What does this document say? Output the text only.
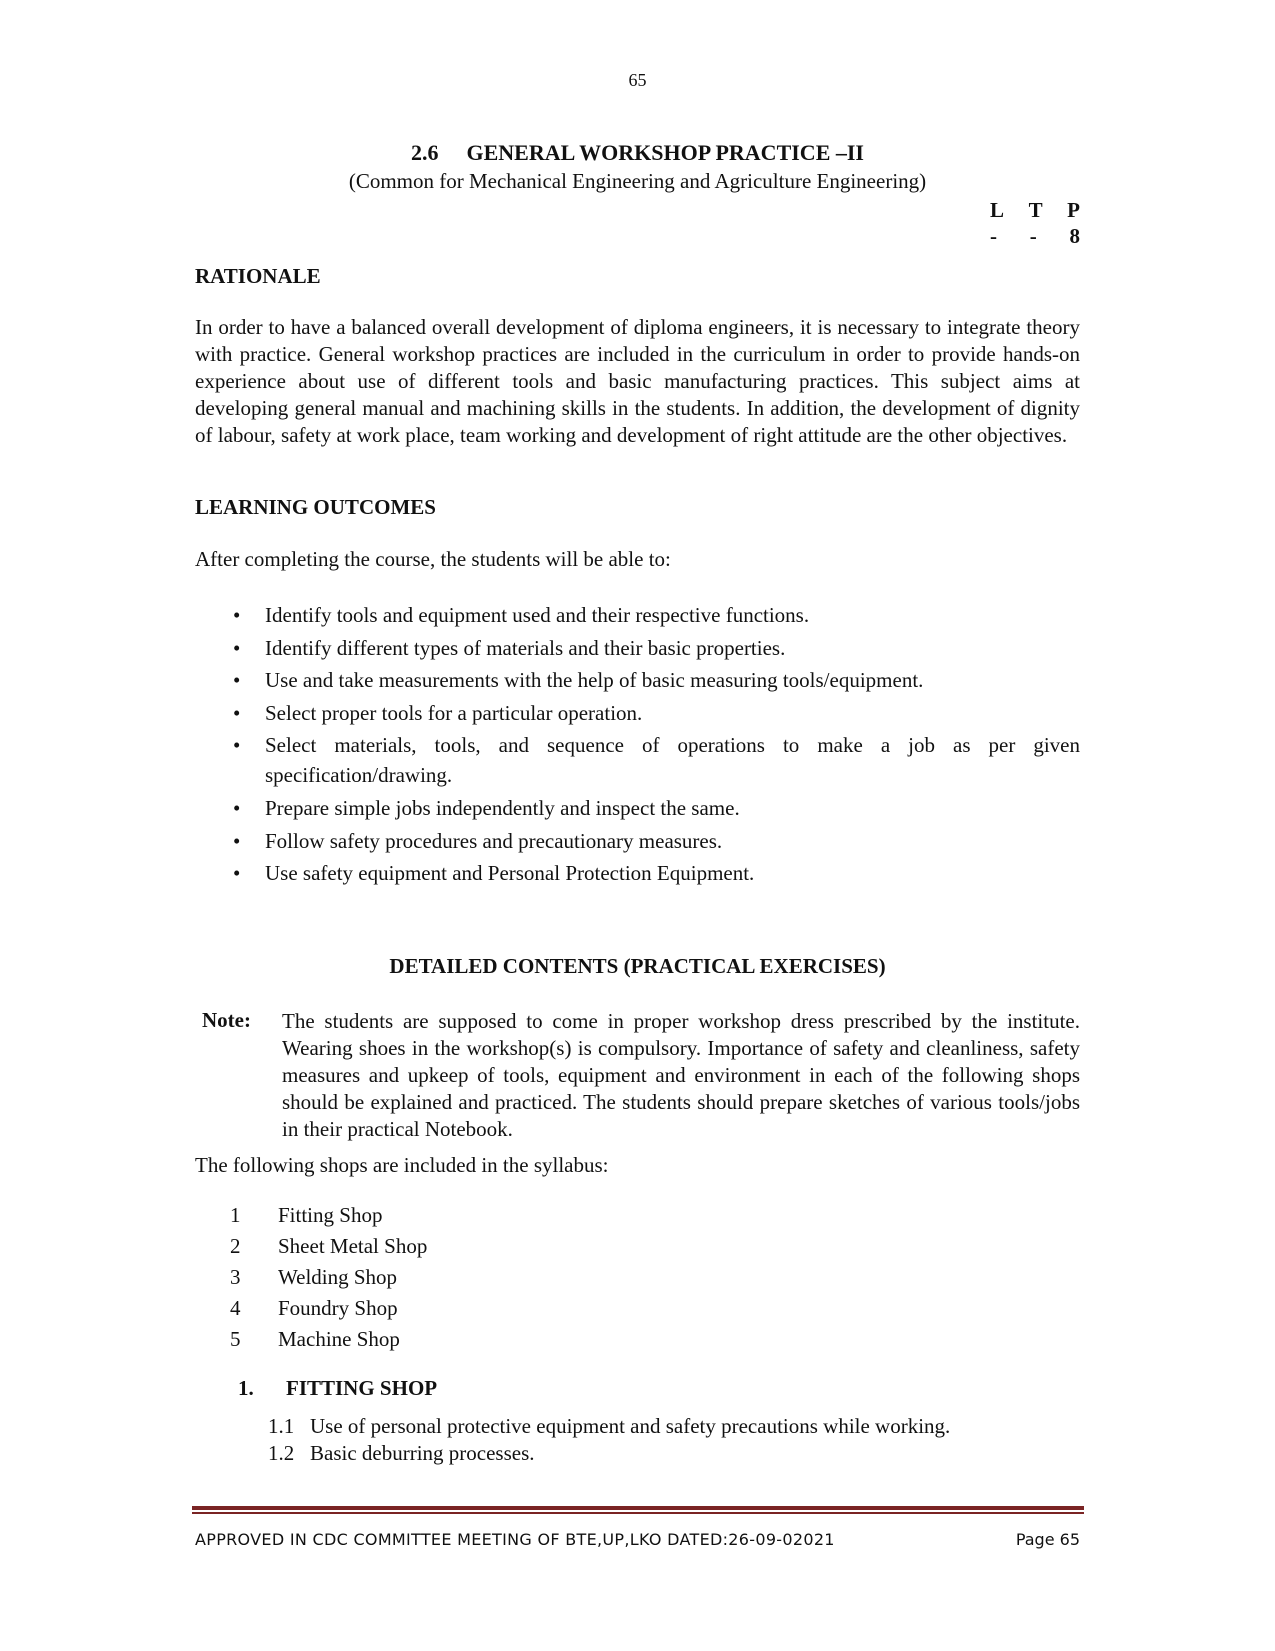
65
2.6 GENERAL WORKSHOP PRACTICE –II
(Common for Mechanical Engineering and Agriculture Engineering)
L T P
- - 8
RATIONALE
In order to have a balanced overall development of diploma engineers, it is necessary to integrate theory with practice. General workshop practices are included in the curriculum in order to provide hands-on experience about use of different tools and basic manufacturing practices. This subject aims at developing general manual and machining skills in the students. In addition, the development of dignity of labour, safety at work place, team working and development of right attitude are the other objectives.
LEARNING OUTCOMES
After completing the course, the students will be able to:
• Identify tools and equipment used and their respective functions.
• Identify different types of materials and their basic properties.
• Use and take measurements with the help of basic measuring tools/equipment.
• Select proper tools for a particular operation.
• Select materials, tools, and sequence of operations to make a job as per given specification/drawing.
• Prepare simple jobs independently and inspect the same.
• Follow safety procedures and precautionary measures.
• Use safety equipment and Personal Protection Equipment.
DETAILED CONTENTS (PRACTICAL EXERCISES)
Note: The students are supposed to come in proper workshop dress prescribed by the institute. Wearing shoes in the workshop(s) is compulsory. Importance of safety and cleanliness, safety measures and upkeep of tools, equipment and environment in each of the following shops should be explained and practiced. The students should prepare sketches of various tools/jobs in their practical Notebook.
The following shops are included in the syllabus:
1	Fitting Shop
2	Sheet Metal Shop
3	Welding Shop
4	Foundry Shop
5	Machine Shop
1. FITTING SHOP
1.1 Use of personal protective equipment and safety precautions while working.
1.2 Basic deburring processes.
APPROVED IN CDC COMMITTEE MEETING OF BTE,UP,LKO DATED:26-09-02021	Page 65
